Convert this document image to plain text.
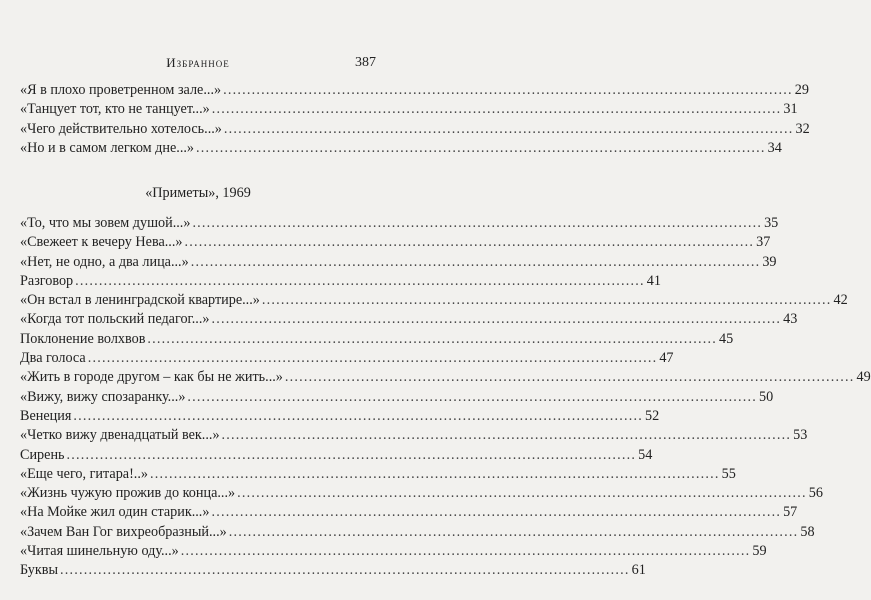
Избранное	387
«Я в плохо проветренном зале...» ........................................................................................................................ 29
«Танцует тот, кто не танцует...» ........................................................................................................................ 31
«Чего действительно хотелось...» ........................................................................................................................ 32
«Но и в самом легком дне...» ........................................................................................................................ 34
«Приметы», 1969
«То, что мы зовем душой...» ........................................................................................................................ 35
«Свежеет к вечеру Нева...» ........................................................................................................................ 37
«Нет, не одно, а два лица...» ........................................................................................................................ 39
Разговор ........................................................................................................................ 41
«Он встал в ленинградской квартире...» ........................................................................................................................ 42
«Когда тот польский педагог...» ........................................................................................................................ 43
Поклонение волхвов ........................................................................................................................ 45
Два голоса ........................................................................................................................ 47
«Жить в городе другом – как бы не жить...» ........................................................................................................................ 49
«Вижу, вижу спозаранку...» ........................................................................................................................ 50
Венеция ........................................................................................................................ 52
«Четко вижу двенадцатый век...» ........................................................................................................................ 53
Сирень ........................................................................................................................ 54
«Еще чего, гитара!..» ........................................................................................................................ 55
«Жизнь чужую прожив до конца...» ........................................................................................................................ 56
«На Мойке жил один старик...» ........................................................................................................................ 57
«Зачем Ван Гог вихреобразный...» ........................................................................................................................ 58
«Читая шинельную оду...» ........................................................................................................................ 59
Буквы ........................................................................................................................ 61
